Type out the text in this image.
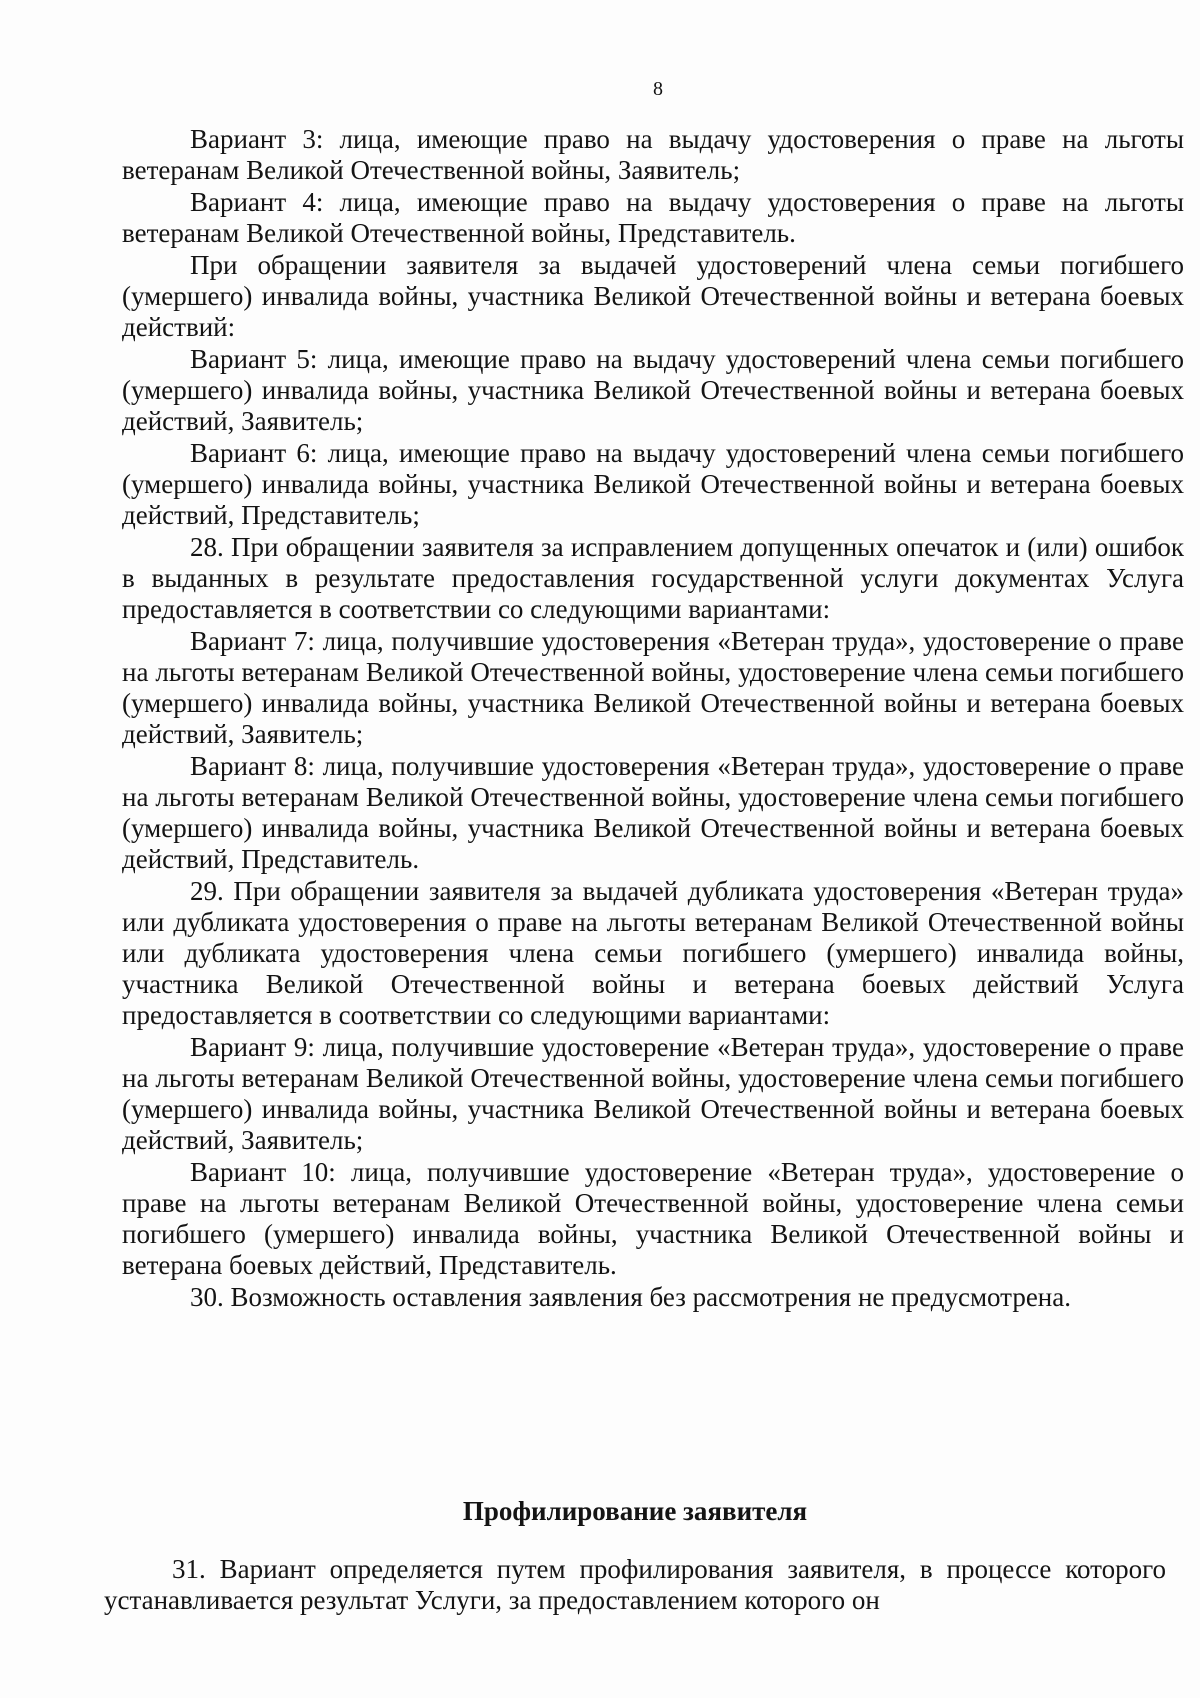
8

Вариант 3: лица, имеющие право на выдачу удостоверения о праве на льготы ветеранам Великой Отечественной войны, Заявитель;

Вариант 4: лица, имеющие право на выдачу удостоверения о праве на льготы ветеранам Великой Отечественной войны, Представитель.

При обращении заявителя за выдачей удостоверений члена семьи погибшего (умершего) инвалида войны, участника Великой Отечественной войны и ветерана боевых действий:

Вариант 5: лица, имеющие право на выдачу удостоверений члена семьи погибшего (умершего) инвалида войны, участника Великой Отечественной войны и ветерана боевых действий, Заявитель;

Вариант 6: лица, имеющие право на выдачу удостоверений члена семьи погибшего (умершего) инвалида войны, участника Великой Отечественной войны и ветерана боевых действий, Представитель;

28. При обращении заявителя за исправлением допущенных опечаток и (или) ошибок в выданных в результате предоставления государственной услуги документах Услуга предоставляется в соответствии со следующими вариантами:

Вариант 7: лица, получившие удостоверения «Ветеран труда», удостоверение о праве на льготы ветеранам Великой Отечественной войны, удостоверение члена семьи погибшего (умершего) инвалида войны, участника Великой Отечественной войны и ветерана боевых действий, Заявитель;

Вариант 8: лица, получившие удостоверения «Ветеран труда», удостоверение о праве на льготы ветеранам Великой Отечественной войны, удостоверение члена семьи погибшего (умершего) инвалида войны, участника Великой Отечественной войны и ветерана боевых действий, Представитель.

29. При обращении заявителя за выдачей дубликата удостоверения «Ветеран труда» или дубликата удостоверения о праве на льготы ветеранам Великой Отечественной войны или дубликата удостоверения члена семьи погибшего (умершего) инвалида войны, участника Великой Отечественной войны и ветерана боевых действий Услуга предоставляется в соответствии со следующими вариантами:

Вариант 9: лица, получившие удостоверение «Ветеран труда», удостоверение о праве на льготы ветеранам Великой Отечественной войны, удостоверение члена семьи погибшего (умершего) инвалида войны, участника Великой Отечественной войны и ветерана боевых действий, Заявитель;

Вариант 10: лица, получившие удостоверение «Ветеран труда», удостоверение о праве на льготы ветеранам Великой Отечественной войны, удостоверение члена семьи погибшего (умершего) инвалида войны, участника Великой Отечественной войны и ветерана боевых действий, Представитель.

30. Возможность оставления заявления без рассмотрения не предусмотрена.

Профилирование заявителя

31. Вариант определяется путем профилирования заявителя, в процессе которого устанавливается результат Услуги, за предоставлением которого он
